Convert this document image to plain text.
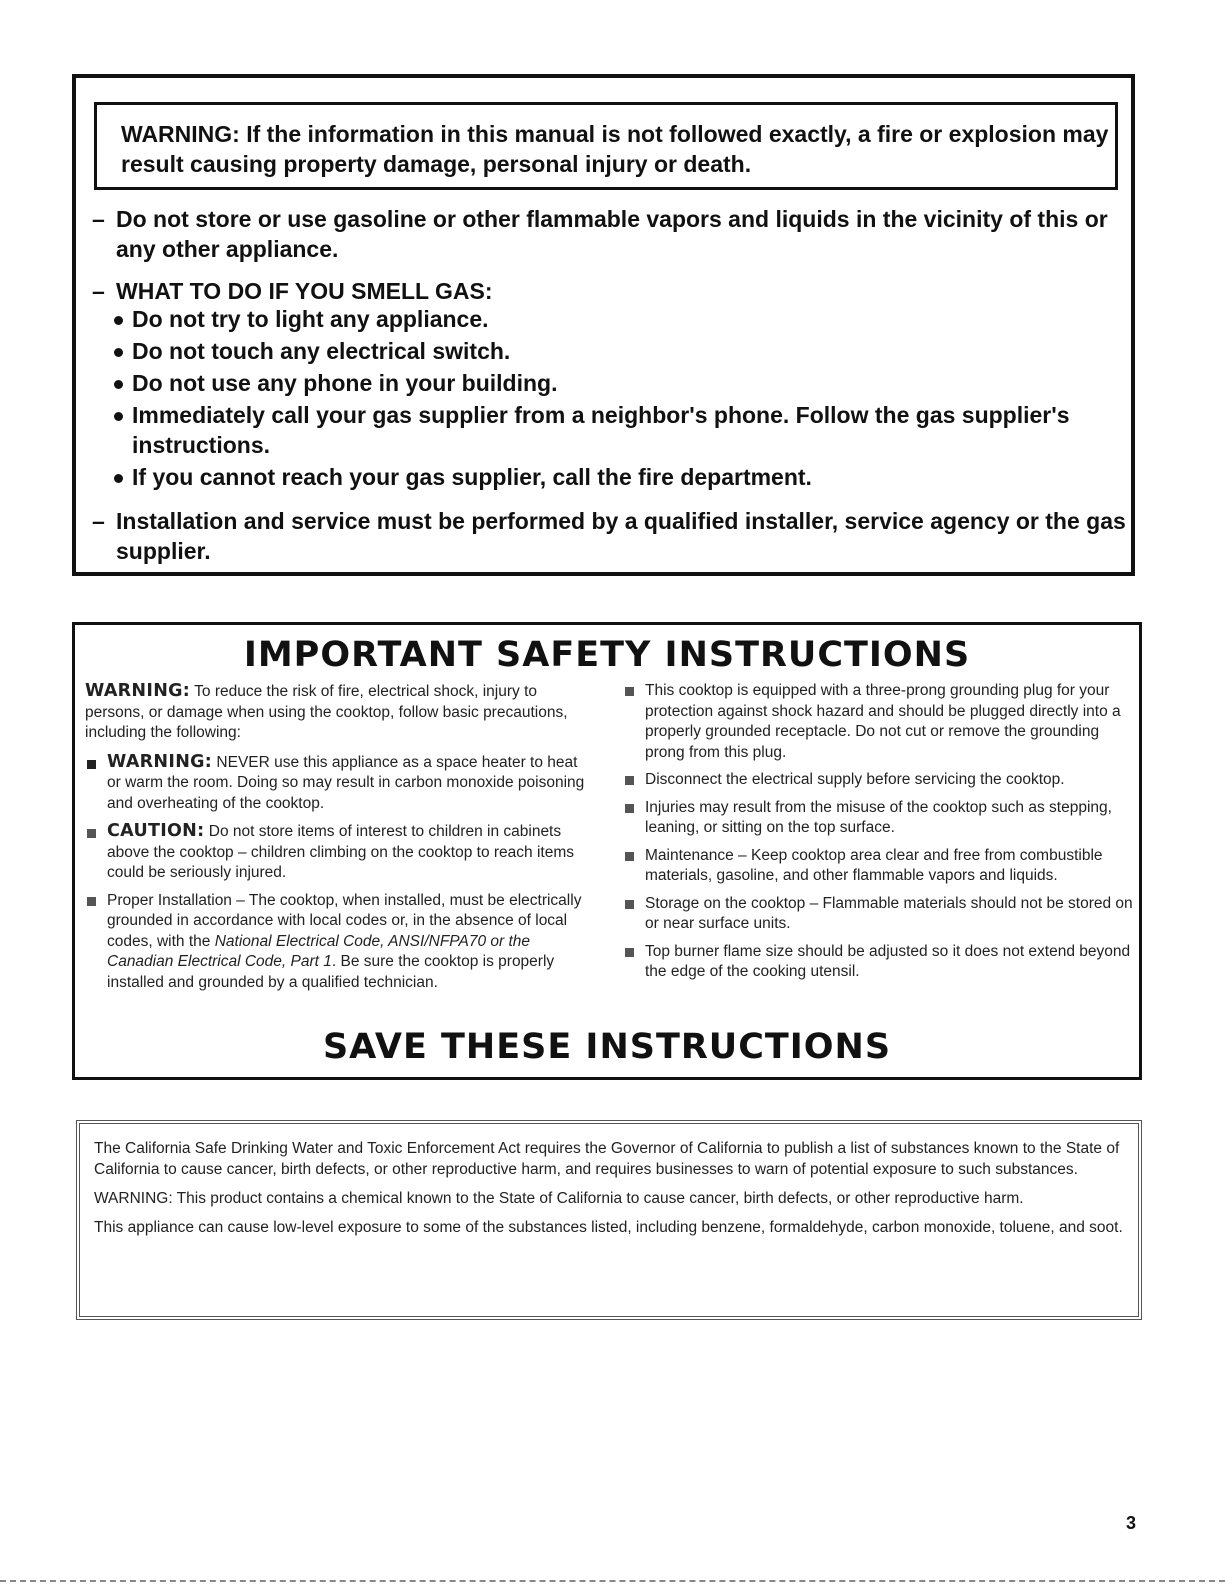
WARNING: If the information in this manual is not followed exactly, a fire or explosion may result causing property damage, personal injury or death.
– Do not store or use gasoline or other flammable vapors and liquids in the vicinity of this or any other appliance.
– WHAT TO DO IF YOU SMELL GAS:
Do not try to light any appliance.
Do not touch any electrical switch.
Do not use any phone in your building.
Immediately call your gas supplier from a neighbor's phone. Follow the gas supplier's instructions.
If you cannot reach your gas supplier, call the fire department.
– Installation and service must be performed by a qualified installer, service agency or the gas supplier.
IMPORTANT SAFETY INSTRUCTIONS

WARNING: To reduce the risk of fire, electrical shock, injury to persons, or damage when using the cooktop, follow basic precautions, including the following:

WARNING: NEVER use this appliance as a space heater to heat or warm the room. Doing so may result in carbon monoxide poisoning and overheating of the cooktop.
CAUTION: Do not store items of interest to children in cabinets above the cooktop – children climbing on the cooktop to reach items could be seriously injured.
Proper Installation – The cooktop, when installed, must be electrically grounded in accordance with local codes or, in the absence of local codes, with the National Electrical Code, ANSI/NFPA70 or the Canadian Electrical Code, Part 1. Be sure the cooktop is properly installed and grounded by a qualified technician.
This cooktop is equipped with a three-prong grounding plug for your protection against shock hazard and should be plugged directly into a properly grounded receptacle. Do not cut or remove the grounding prong from this plug.
Disconnect the electrical supply before servicing the cooktop.
Injuries may result from the misuse of the cooktop such as stepping, leaning, or sitting on the top surface.
Maintenance – Keep cooktop area clear and free from combustible materials, gasoline, and other flammable vapors and liquids.
Storage on the cooktop – Flammable materials should not be stored on or near surface units.
Top burner flame size should be adjusted so it does not extend beyond the edge of the cooking utensil.
SAVE THESE INSTRUCTIONS

The California Safe Drinking Water and Toxic Enforcement Act requires the Governor of California to publish a list of substances known to the State of California to cause cancer, birth defects, or other reproductive harm, and requires businesses to warn of potential exposure to such substances.

WARNING: This product contains a chemical known to the State of California to cause cancer, birth defects, or other reproductive harm.

This appliance can cause low-level exposure to some of the substances listed, including benzene, formaldehyde, carbon monoxide, toluene, and soot.

3
